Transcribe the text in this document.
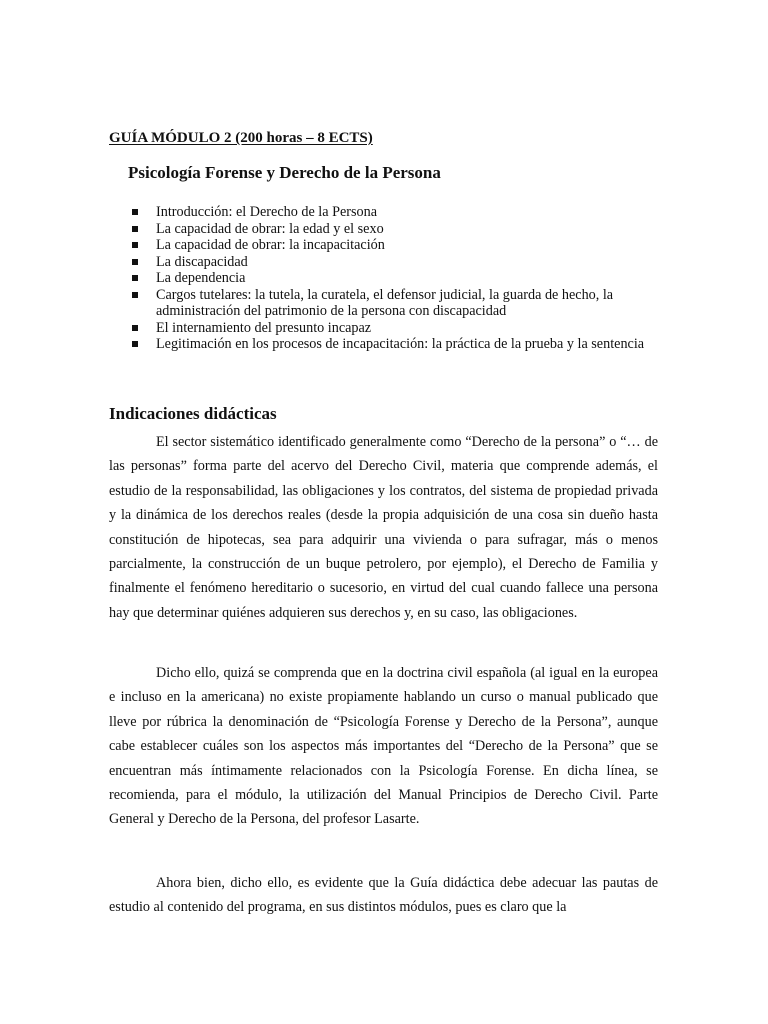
GUÍA MÓDULO 2 (200 horas – 8 ECTS)
Psicología Forense y Derecho de la Persona
Introducción: el Derecho de la Persona
La capacidad de obrar: la edad y el sexo
La capacidad de obrar: la incapacitación
La discapacidad
La dependencia
Cargos tutelares: la tutela, la curatela, el defensor judicial, la guarda de hecho, la administración del patrimonio de la persona con discapacidad
El internamiento del presunto incapaz
Legitimación en los procesos de incapacitación: la práctica de la prueba y la sentencia
Indicaciones didácticas

El sector sistemático identificado generalmente como “Derecho de la persona” o “… de las personas” forma parte del acervo del Derecho Civil, materia que comprende además, el estudio de la responsabilidad, las obligaciones y los contratos, del sistema de propiedad privada y la dinámica de los derechos reales (desde la propia adquisición de una cosa sin dueño hasta constitución de hipotecas, sea para adquirir una vivienda o para sufragar, más o menos parcialmente, la construcción de un buque petrolero, por ejemplo), el Derecho de Familia y finalmente el fenómeno hereditario o sucesorio, en virtud del cual cuando fallece una persona hay que determinar quiénes adquieren sus derechos y, en su caso, las obligaciones.

Dicho ello, quizá se comprenda que en la doctrina civil española (al igual en la europea e incluso en la americana) no existe propiamente hablando un curso o manual publicado que lleve por rúbrica la denominación de “Psicología Forense y Derecho de la Persona”, aunque cabe establecer cuáles son los aspectos más importantes del “Derecho de la Persona” que se encuentran más íntimamente relacionados con la Psicología Forense. En dicha línea, se recomienda, para el módulo, la utilización del Manual Principios de Derecho Civil. Parte General y Derecho de la Persona, del profesor Lasarte.

Ahora bien, dicho ello, es evidente que la Guía didáctica debe adecuar las pautas de estudio al contenido del programa, en sus distintos módulos, pues es claro que la
